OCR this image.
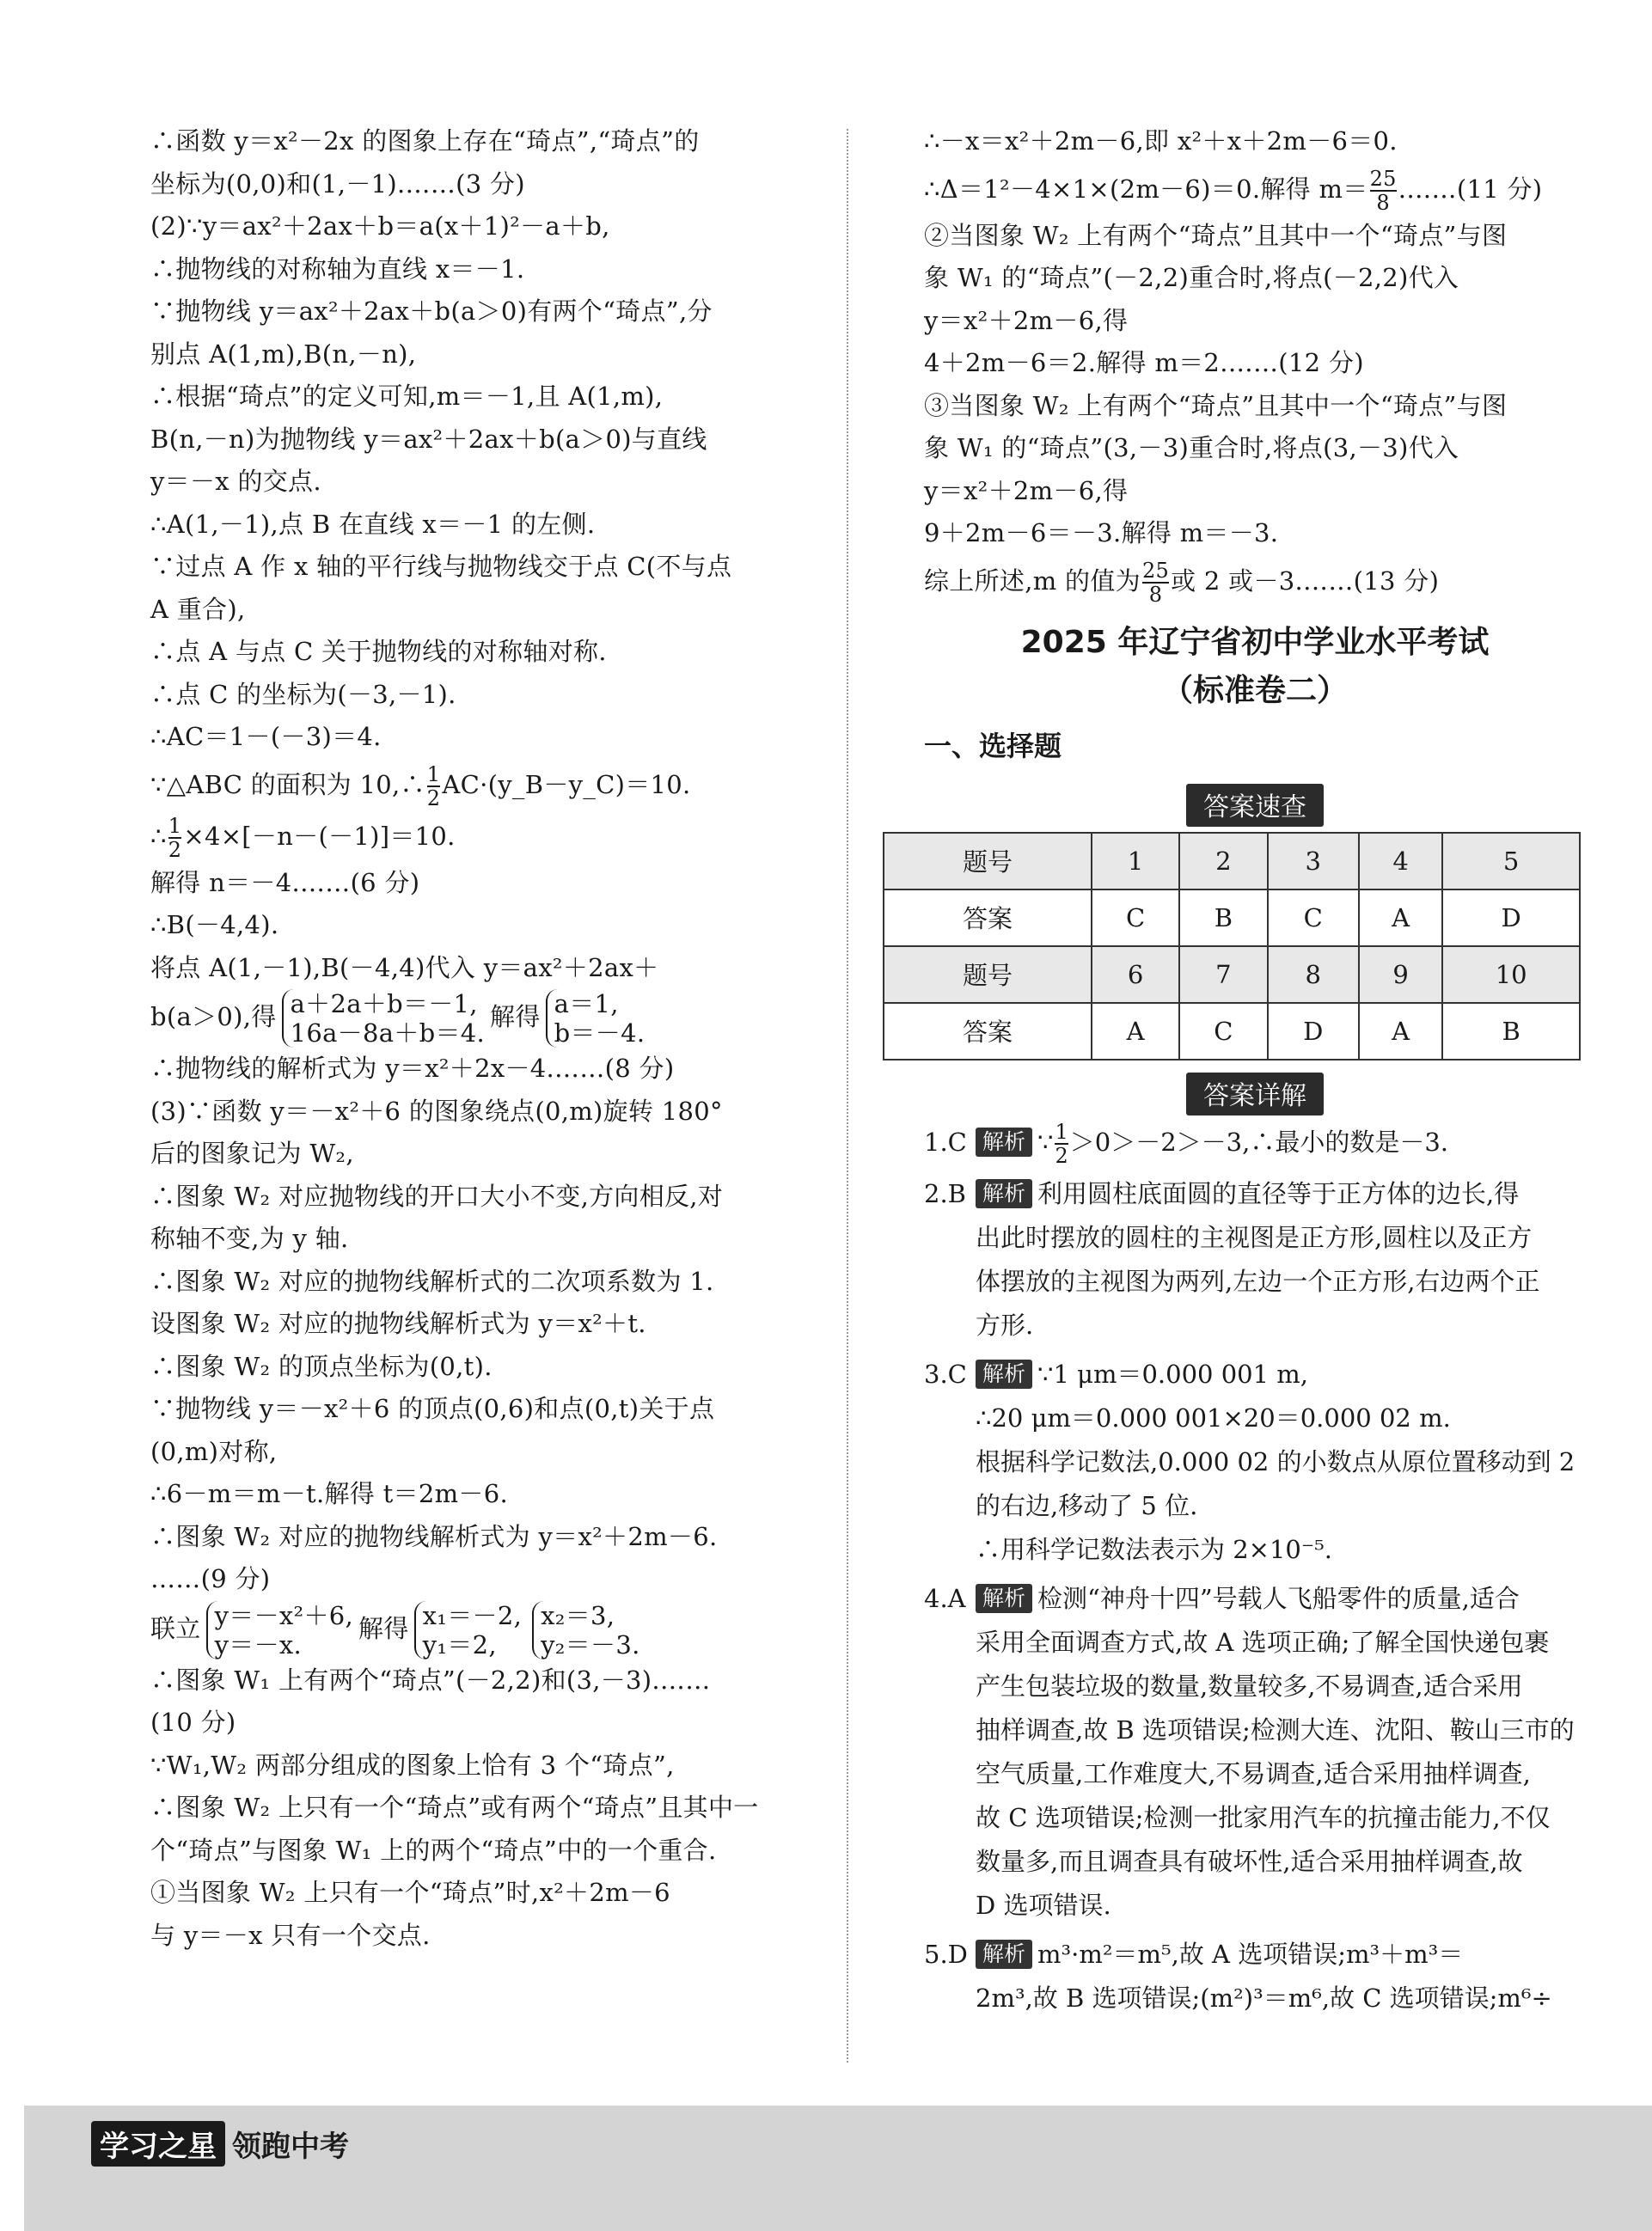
∴函数 y＝x²－2x 的图象上存在“琦点”,“琦点”的
坐标为(0,0)和(1,－1).……(3 分)
(2)∵y＝ax²＋2ax＋b＝a(x＋1)²－a＋b,
∴抛物线的对称轴为直线 x＝－1.
∵抛物线 y＝ax²＋2ax＋b(a＞0)有两个“琦点”,分
别点 A(1,m),B(n,－n),
∴根据“琦点”的定义可知,m＝－1,且 A(1,m),
B(n,－n)为抛物线 y＝ax²＋2ax＋b(a＞0)与直线
y＝－x 的交点.
∴A(1,－1),点 B 在直线 x＝－1 的左侧.
∵过点 A 作 x 轴的平行线与抛物线交于点 C(不与点
A 重合),
∴点 A 与点 C 关于抛物线的对称轴对称.
∴点 C 的坐标为(－3,－1).
∴AC＝1－(－3)＝4.
∵△ABC 的面积为 10,∴ $\frac{1}{2}$ AC·(y_B－y_C)＝10.
∴ $\frac{1}{2} \times 4\times[-n-(-1)]=10$.
解得 n＝－4.……(6 分)
∴B(－4,4).
将点 A(1,－1),B(－4,4)代入 y＝ax²＋2ax＋
b(a＞0),得 a＋2a＋b＝－1,
16a－8a＋b＝4.
解得 a＝1,
b＝－4.
∴抛物线的解析式为 y＝x²＋2x－4.……(8 分)
(3)∵函数 y＝－x²＋6 的图象绕点(0,m)旋转 180°
后的图象记为 W₂,
∴图象 W₂ 对应抛物线的开口大小不变,方向相反,对
称轴不变,为 y 轴.
∴图象 W₂ 对应的抛物线解析式的二次项系数为 1.
设图象 W₂ 对应的抛物线解析式为 y＝x²＋t.
∴图象 W₂ 的顶点坐标为(0,t).
∵抛物线 y＝－x²＋6 的顶点(0,6)和点(0,t)关于点
(0,m)对称,
∴6－m＝m－t.解得 t＝2m－6.
∴图象 W₂ 对应的抛物线解析式为 y＝x²＋2m－6.
……(9 分)
联立 y＝－x²＋6,
y＝－x.
解得 x₁＝－2,
y₁＝2,
x₂＝3,
y₂＝－3.
∴图象 W₁ 上有两个“琦点”(－2,2)和(3,－3).……
(10 分)
∵W₁,W₂ 两部分组成的图象上恰有 3 个“琦点”,
∴图象 W₂ 上只有一个“琦点”或有两个“琦点”且其中一
个“琦点”与图象 W₁ 上的两个“琦点”中的一个重合.
①当图象 W₂ 上只有一个“琦点”时,x²＋2m－6
与 y＝－x 只有一个交点.
∴－x＝x²＋2m－6,即 x²＋x＋2m－6＝0.
∴Δ＝1²－4×1×(2m－6)＝0.解得 $m= \frac{25}{8}$ .……(11 分)
②当图象 W₂ 上有两个“琦点”且其中一个“琦点”与图
象 W₁ 的“琦点”(－2,2)重合时,将点(－2,2)代入
y＝x²＋2m－6,得
4＋2m－6＝2.解得 m＝2.……(12 分)
③当图象 W₂ 上有两个“琦点”且其中一个“琦点”与图
象 W₁ 的“琦点”(3,－3)重合时,将点(3,－3)代入
y＝x²＋2m－6,得
9＋2m－6＝－3.解得 m＝－3.
综上所述,m 的值为 $\frac{25}{8}$ 或 2 或－3.……(13 分)
2025 年辽宁省初中学业水平考试
（标准卷二）
一、选择题
答案速查
题号	1	2	3	4	5
答案	C	B	C	A	D
题号	6	7	8	9	10
答案	A	C	D	A	B
答案详解
1.C 解析 ∵ $\frac{1}{2}$ ＞0＞－2＞－3,∴最小的数是－3.
2.B 解析 利用圆柱底面圆的直径等于正方体的边长,得
出此时摆放的圆柱的主视图是正方形,圆柱以及正方
体摆放的主视图为两列,左边一个正方形,右边两个正
方形.
3.C 解析 ∵1 μm＝0.000 001 m,
∴20 μm＝0.000 001×20＝0.000 02 m.
根据科学记数法,0.000 02 的小数点从原位置移动到 2
的右边,移动了 5 位.
∴用科学记数法表示为 2×10⁻⁵.
4.A 解析 检测“神舟十四”号载人飞船零件的质量,适合
采用全面调查方式,故 A 选项正确;了解全国快递包裹
产生包装垃圾的数量,数量较多,不易调查,适合采用
抽样调查,故 B 选项错误;检测大连、沈阳、鞍山三市的
空气质量,工作难度大,不易调查,适合采用抽样调查,
故 C 选项错误;检测一批家用汽车的抗撞击能力,不仅
数量多,而且调查具有破坏性,适合采用抽样调查,故
D 选项错误.
5.D 解析 m³·m²＝m⁵,故 A 选项错误;m³＋m³＝
2m³,故 B 选项错误;(m²)³＝m⁶,故 C 选项错误;m⁶÷
学习之星 领跑中考
